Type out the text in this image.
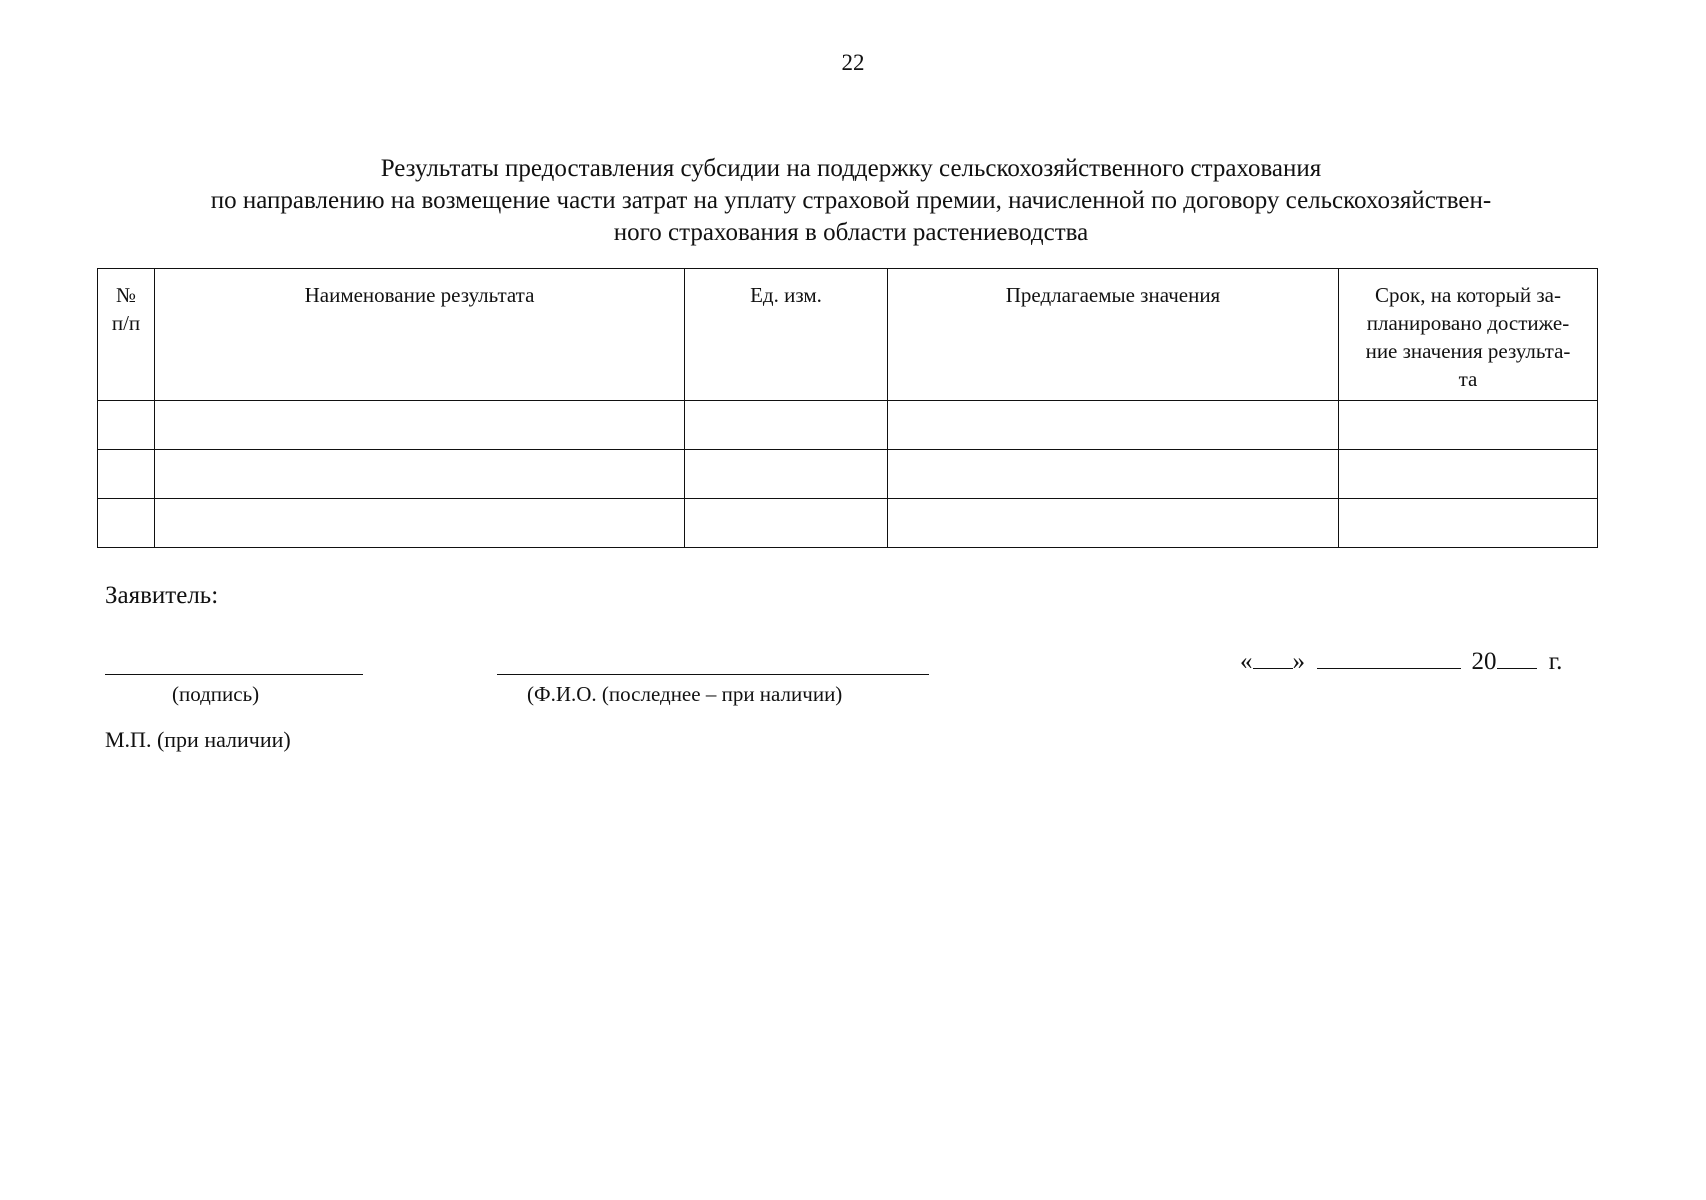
22
Результаты предоставления субсидии на поддержку сельскохозяйственного страхования
по направлению на возмещение части затрат на уплату страховой премии, начисленной по договору сельскохозяйствен-
ного страхования в области растениеводства
№
п/п	Наименование результата	Ед. изм.	Предлагаемые значения	Срок, на который за-
планировано достиже-
ние значения результа-
та

Заявитель:
(подпись)	(Ф.И.О. (последнее – при наличии)
« »	20 г.
М.П. (при наличии)
